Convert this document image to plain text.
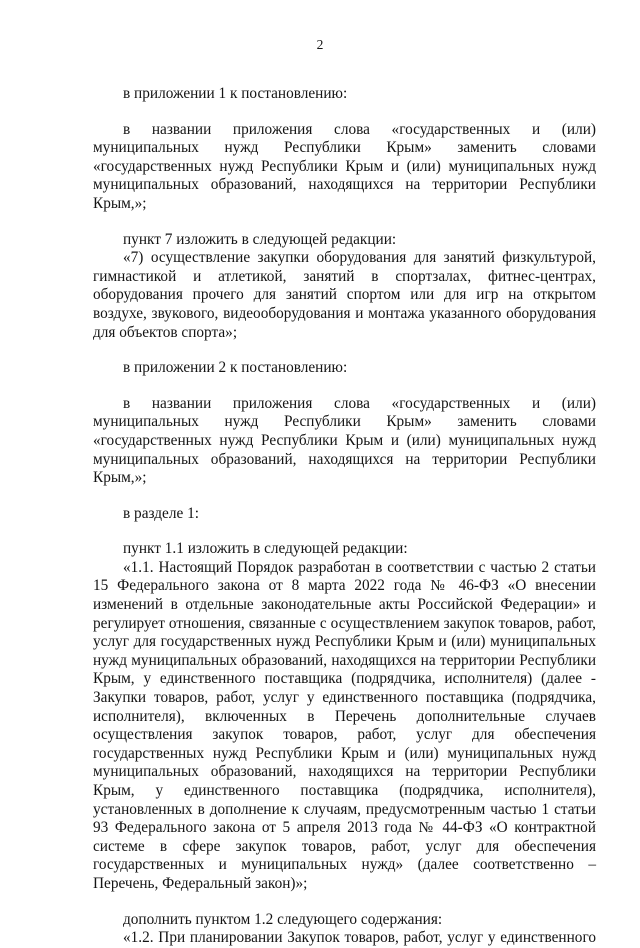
2

в приложении 1 к постановлению:

в названии приложения слова «государственных и (или) муниципальных нужд Республики Крым» заменить словами «государственных нужд Республики Крым и (или) муниципальных нужд муниципальных образований, находящихся на территории Республики Крым,»;

пункт 7 изложить в следующей редакции:

«7) осуществление закупки оборудования для занятий физкультурой, гимнастикой и атлетикой, занятий в спортзалах, фитнес-центрах, оборудования прочего для занятий спортом или для игр на открытом воздухе, звукового, видеооборудования и монтажа указанного оборудования для объектов спорта»;

в приложении 2 к постановлению:

в названии приложения слова «государственных и (или) муниципальных нужд Республики Крым» заменить словами «государственных нужд Республики Крым и (или) муниципальных нужд муниципальных образований, находящихся на территории Республики Крым,»;

в разделе 1:

пункт 1.1 изложить в следующей редакции:

«1.1. Настоящий Порядок разработан в соответствии с частью 2 статьи 15 Федерального закона от 8 марта 2022 года № 46-ФЗ «О внесении изменений в отдельные законодательные акты Российской Федерации» и регулирует отношения, связанные с осуществлением закупок товаров, работ, услуг для государственных нужд Республики Крым и (или) муниципальных нужд муниципальных образований, находящихся на территории Республики Крым, у единственного поставщика (подрядчика, исполнителя) (далее - Закупки товаров, работ, услуг у единственного поставщика (подрядчика, исполнителя), включенных в Перечень дополнительные случаев осуществления закупок товаров, работ, услуг для обеспечения государственных нужд Республики Крым и (или) муниципальных нужд муниципальных образований, находящихся на территории Республики Крым, у единственного поставщика (подрядчика, исполнителя), установленных в дополнение к случаям, предусмотренным частью 1 статьи 93 Федерального закона от 5 апреля 2013 года № 44-ФЗ «О контрактной системе в сфере закупок товаров, работ, услуг для обеспечения государственных и муниципальных нужд» (далее соответственно – Перечень, Федеральный закон)»;

дополнить пунктом 1.2 следующего содержания:

«1.2. При планировании Закупок товаров, работ, услуг у единственного
